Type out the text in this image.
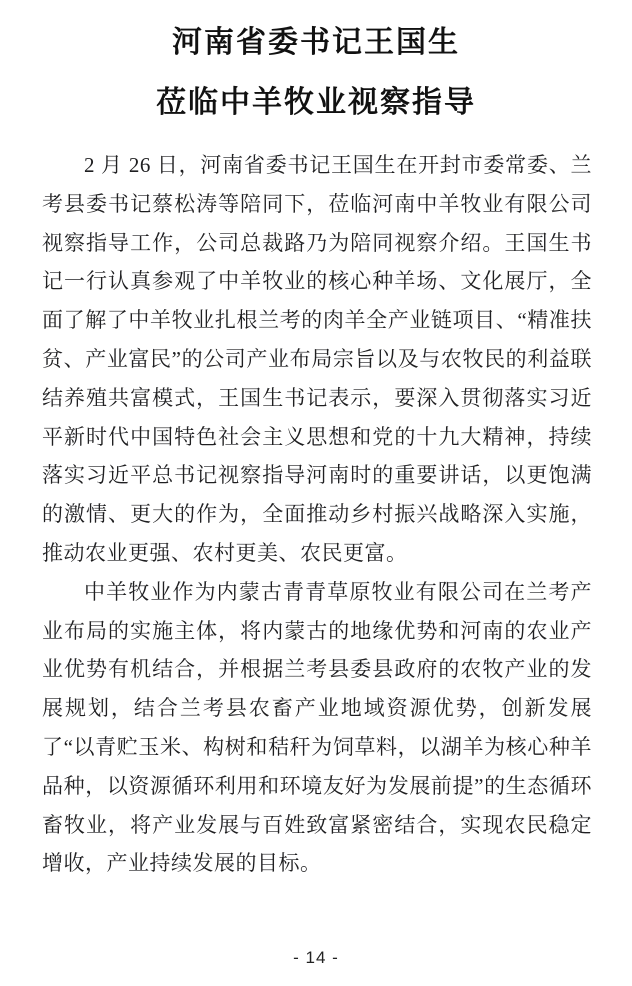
河南省委书记王国生
莅临中羊牧业视察指导

2 月 26 日，河南省委书记王国生在开封市委常委、兰考县委书记蔡松涛等陪同下，莅临河南中羊牧业有限公司视察指导工作，公司总裁路乃为陪同视察介绍。王国生书记一行认真参观了中羊牧业的核心种羊场、文化展厅，全面了解了中羊牧业扎根兰考的肉羊全产业链项目、“精准扶贫、产业富民”的公司产业布局宗旨以及与农牧民的利益联结养殖共富模式，王国生书记表示，要深入贯彻落实习近平新时代中国特色社会主义思想和党的十九大精神，持续落实习近平总书记视察指导河南时的重要讲话，以更饱满的激情、更大的作为，全面推动乡村振兴战略深入实施，推动农业更强、农村更美、农民更富。

中羊牧业作为内蒙古青青草原牧业有限公司在兰考产业布局的实施主体，将内蒙古的地缘优势和河南的农业产业优势有机结合，并根据兰考县委县政府的农牧产业的发展规划，结合兰考县农畜产业地域资源优势，创新发展了“以青贮玉米、构树和秸秆为饲草料，以湖羊为核心种羊品种，以资源循环利用和环境友好为发展前提”的生态循环畜牧业，将产业发展与百姓致富紧密结合，实现农民稳定增收，产业持续发展的目标。

- 14 -
